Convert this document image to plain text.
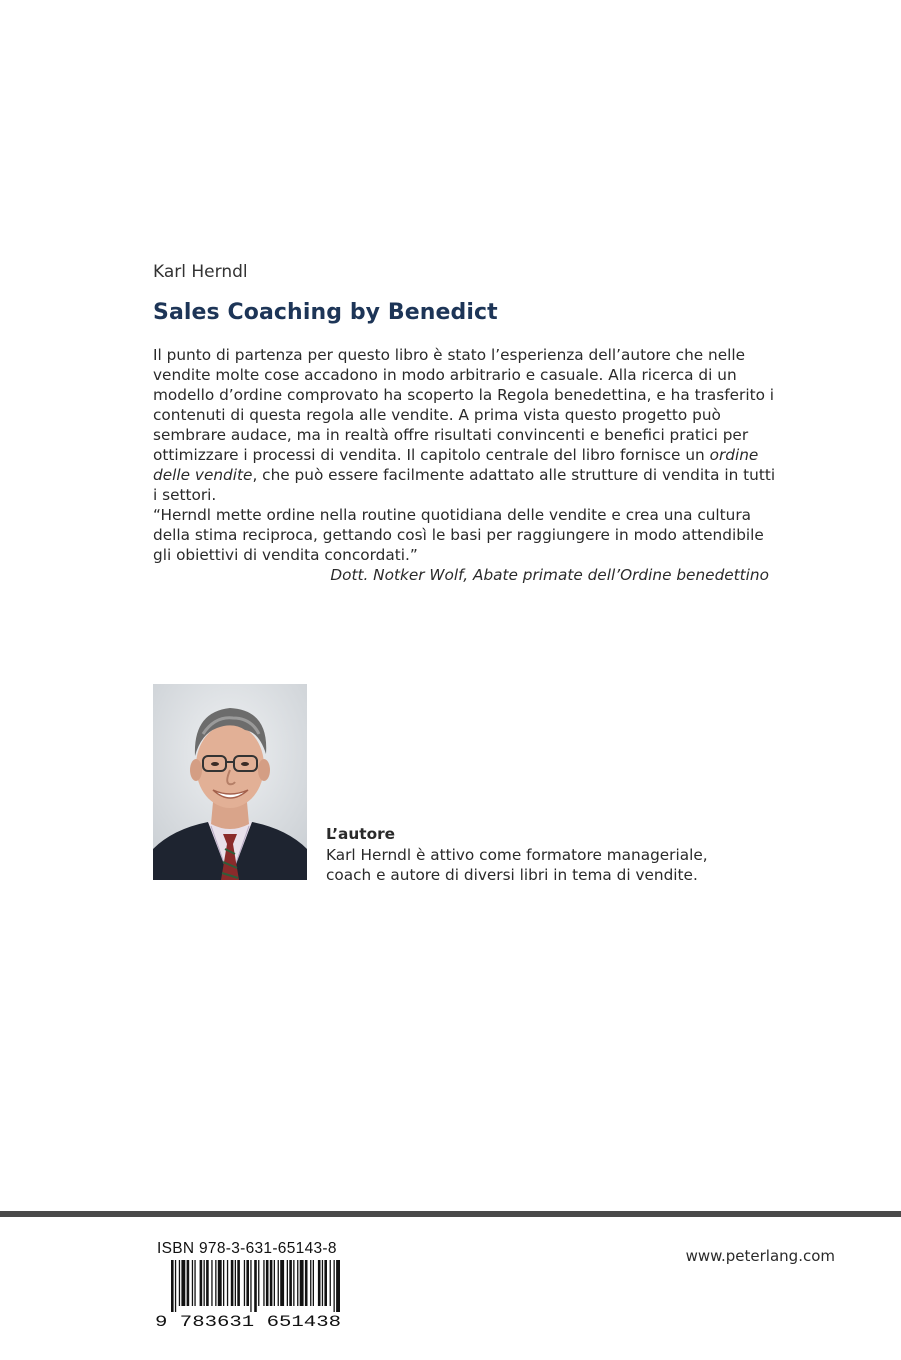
Karl Herndl
Sales Coaching by Benedict

Il punto di partenza per questo libro è stato l’esperienza dell’autore che nelle vendite molte cose accadono in modo arbitrario e casuale. Alla ricerca di un modello d’ordine comprovato ha scoperto la Regola benedettina, e ha trasferito i contenuti di questa regola alle vendite. A prima vista questo progetto può sembrare audace, ma in realtà offre risultati convincenti e benefici pratici per ottimizzare i processi di vendita. Il capitolo centrale del libro fornisce un ordine delle vendite, che può essere facilmente adattato alle strutture di vendita in tutti i settori.

“Herndl mette ordine nella routine quotidiana delle vendite e crea una cultura della stima reciproca, gettando così le basi per raggiungere in modo attendibile gli obiettivi di vendita concordati.”

Dott. Notker Wolf, Abate primate dell’Ordine benedettino
L’autore
Karl Herndl è attivo come formatore manageriale, coach e autore di diversi libri in tema di vendite.
ISBN 978-3-631-65143-8
9 783631 651438
www.peterlang.com
